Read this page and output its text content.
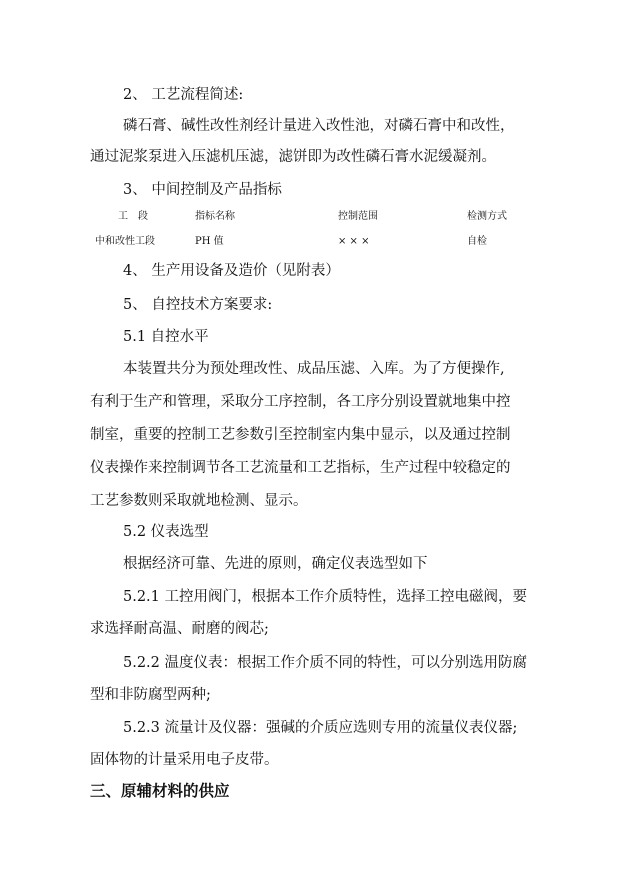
2、 工艺流程简述:
磷石膏、碱性改性剂经计量进入改性池，对磷石膏中和改性，
通过泥浆泵进入压滤机压滤，滤饼即为改性磷石膏水泥缓凝剂。
3、 中间控制及产品指标
工　段	指标名称	控制范围	检测方式
中和改性工段	PH 值	× × ×	自检
4、 生产用设备及造价（见附表）
5、 自控技术方案要求:
5.1 自控水平
本装置共分为预处理改性、成品压滤、入库。为了方便操作,
有利于生产和管理，采取分工序控制，各工序分别设置就地集中控
制室，重要的控制工艺参数引至控制室内集中显示，以及通过控制
仪表操作来控制调节各工艺流量和工艺指标，生产过程中较稳定的
工艺参数则采取就地检测、显示。
5.2 仪表选型
根据经济可靠、先进的原则，确定仪表选型如下
5.2.1 工控用阀门，根据本工作介质特性，选择工控电磁阀，要
求选择耐高温、耐磨的阀芯;
5.2.2 温度仪表：根据工作介质不同的特性，可以分别选用防腐
型和非防腐型两种;
5.2.3 流量计及仪器：强碱的介质应选则专用的流量仪表仪器;
固体物的计量采用电子皮带。
三、原辅材料的供应
